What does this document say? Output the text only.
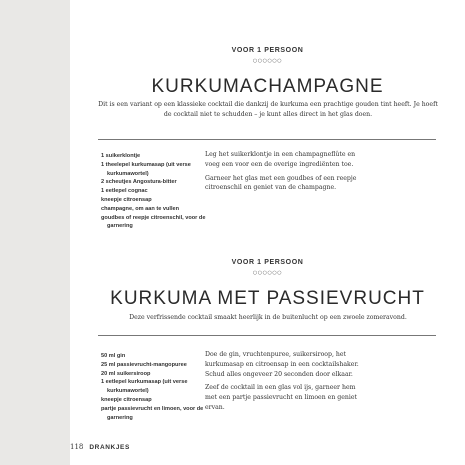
VOOR 1 PERSOON
○○○○○○
KURKUMACHAMPAGNE
Dit is een variant op een klassieke cocktail die dankzij de kurkuma een prachtige gouden tint heeft. Je hoeft de cocktail niet te schudden – je kunt alles direct in het glas doen.
1 suikerklontje
1 theelepel kurkumasap (uit verse kurkumawortel)
2 scheutjes Angostura-bitter
1 eetlepel cognac
kneepje citroensap
champagne, om aan te vullen
goudbes of reepje citroenschil, voor de garnering

Leg het suikerklontje in een champagneflûte en voeg een voor een de overige ingrediënten toe.

Garneer het glas met een goudbes of een reepje citroenschil en geniet van de champagne.

VOOR 1 PERSOON
○○○○○○
KURKUMA MET PASSIEVRUCHT
Deze verfrissende cocktail smaakt heerlijk in de buitenlucht op een zwoele zomeravond.
50 ml gin
25 ml passievrucht-mangopuree
20 ml suikersiroop
1 eetlepel kurkumasap (uit verse kurkumawortel)
kneepje citroensap
partje passievrucht en limoen, voor de garnering

Doe de gin, vruchtenpuree, suikersiroop, het kurkumasap en citroensap in een cocktailshaker. Schud alles ongeveer 20 seconden door elkaar.

Zeef de cocktail in een glas vol ijs, garneer hem met een partje passievrucht en limoen en geniet ervan.

118 DRANKJES
